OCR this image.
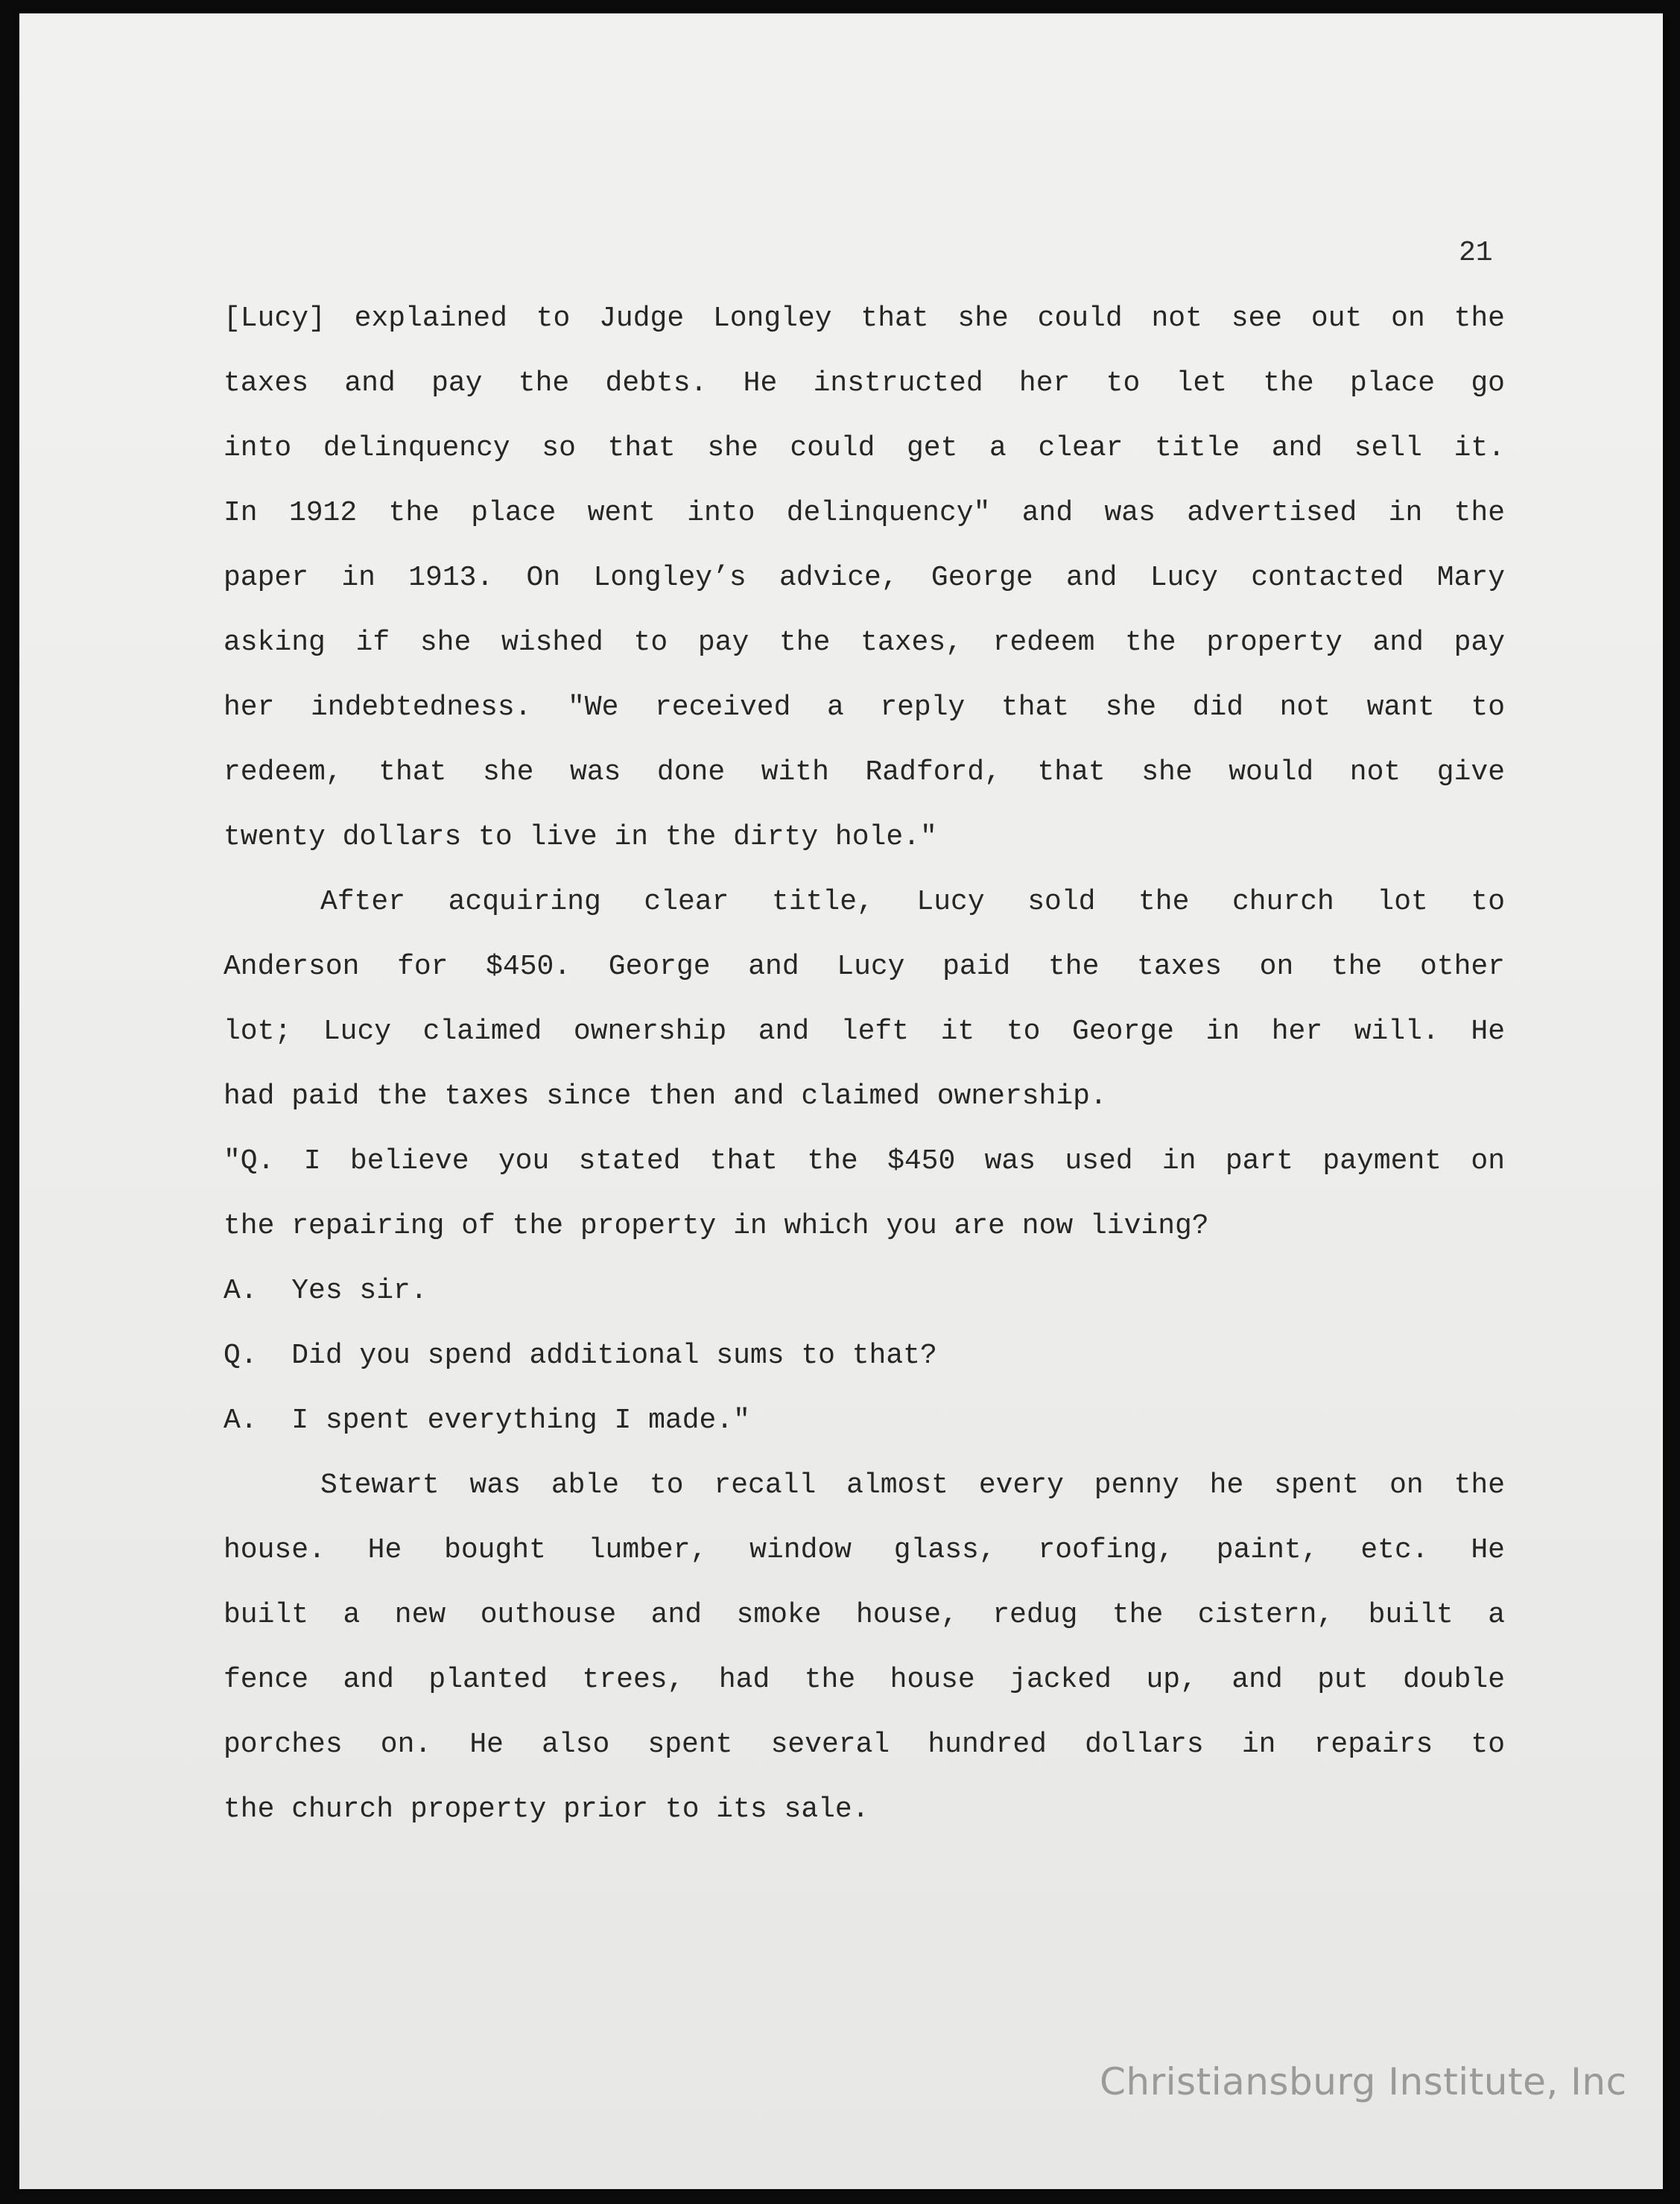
21
[Lucy] explained to Judge Longley that she could not see out on the
taxes and pay the debts. He instructed her to let the place go
into delinquency so that she could get a clear title and sell it.
In 1912 the place went into delinquency" and was advertised in the
paper in 1913. On Longley’s advice, George and Lucy contacted Mary
asking if she wished to pay the taxes, redeem the property and pay
her indebtedness. "We received a reply that she did not want to
redeem, that she was done with Radford, that she would not give
twenty dollars to live in the dirty hole."
After acquiring clear title, Lucy sold the church lot to
Anderson for $450. George and Lucy paid the taxes on the other
lot; Lucy claimed ownership and left it to George in her will. He
had paid the taxes since then and claimed ownership.
"Q. I believe you stated that the $450 was used in part payment on
the repairing of the property in which you are now living?
A.  Yes sir.
Q.  Did you spend additional sums to that?
A.  I spent everything I made."
Stewart was able to recall almost every penny he spent on the
house. He bought lumber, window glass, roofing, paint, etc. He
built a new outhouse and smoke house, redug the cistern, built a
fence and planted trees, had the house jacked up, and put double
porches on. He also spent several hundred dollars in repairs to
the church property prior to its sale.
Christiansburg Institute, Inc
